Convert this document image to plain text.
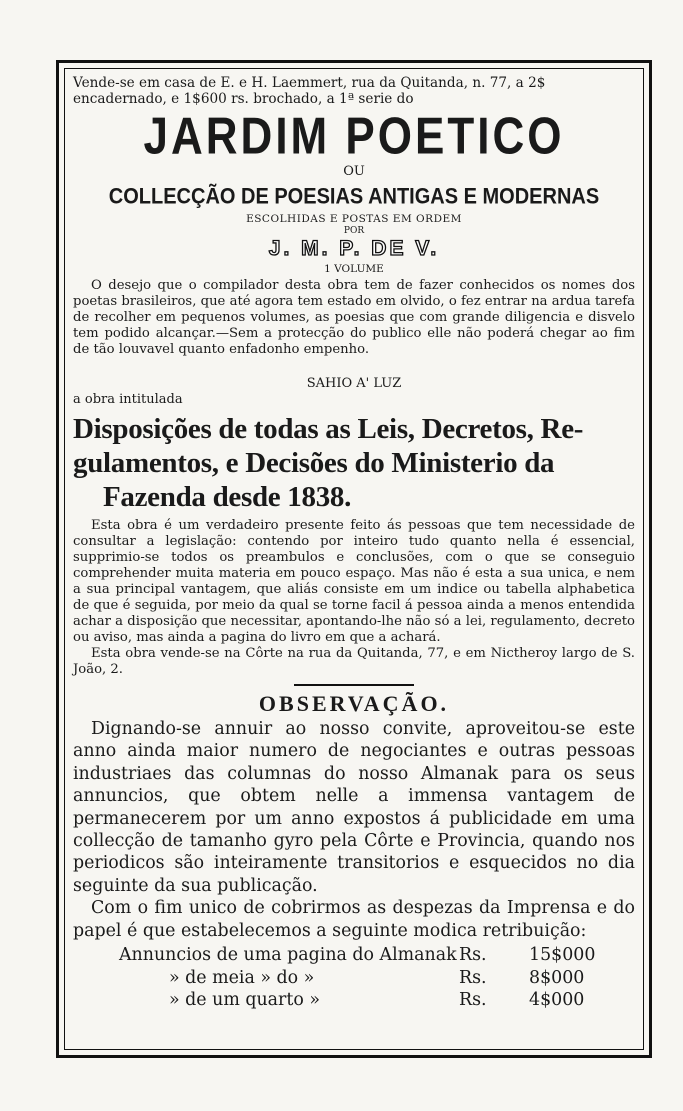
Vende-se em casa de E. e H. Laemmert, rua da Quitanda, n. 77, a 2$

encadernado, e 1$600 rs. brochado, a 1ª serie do

JARDIM POETICO

OU

COLLECÇÃO DE POESIAS ANTIGAS E MODERNAS

ESCOLHIDAS E POSTAS EM ORDEM

POR

J. M. P. DE V.

1 VOLUME

O desejo que o compilador desta obra tem de fazer conhecidos os nomes dos poetas brasileiros, que até agora tem estado em olvido, o fez entrar na ardua tarefa de recolher em pequenos volumes, as poesias que com grande diligencia e disvelo tem podido alcançar.—Sem a protecção do publico elle não poderá chegar ao fim de tão louvavel quanto enfadonho empenho.

SAHIO A' LUZ

a obra intitulada

Disposições de todas as Leis, Decretos, Re-

gulamentos, e Decisões do Ministerio da

Fazenda desde 1838.

Esta obra é um verdadeiro presente feito ás pessoas que tem necessidade de consultar a legislação: contendo por inteiro tudo quanto nella é essencial, supprimio-se todos os preambulos e conclusões, com o que se conseguio comprehender muita materia em pouco espaço. Mas não é esta a sua unica, e nem a sua principal vantagem, que aliás consiste em um indice ou tabella alphabetica de que é seguida, por meio da qual se torne facil á pessoa ainda a menos entendida achar a disposição que necessitar, apontando-lhe não só a lei, regulamento, decreto ou aviso, mas ainda a pagina do livro em que a achará.

Esta obra vende-se na Côrte na rua da Quitanda, 77, e em Nictheroy largo de S. João, 2.

OBSERVAÇÃO.

Dignando-se annuir ao nosso convite, aproveitou-se este anno ainda maior numero de negociantes e outras pessoas industriaes das columnas do nosso Almanak para os seus annuncios, que obtem nelle a immensa vantagem de permanecerem por um anno expostos á publicidade em uma collecção de tamanho gyro pela Côrte e Provincia, quando nos periodicos são inteiramente transitorios e esquecidos no dia seguinte da sua publicação.

Com o fim unico de cobrirmos as despezas da Imprensa e do papel é que estabelecemos a seguinte modica retribuição:

Annuncios de uma pagina do Almanak	Rs.	15$000
» de meia » do »	Rs.	8$000
» de um quarto »	Rs.	4$000
